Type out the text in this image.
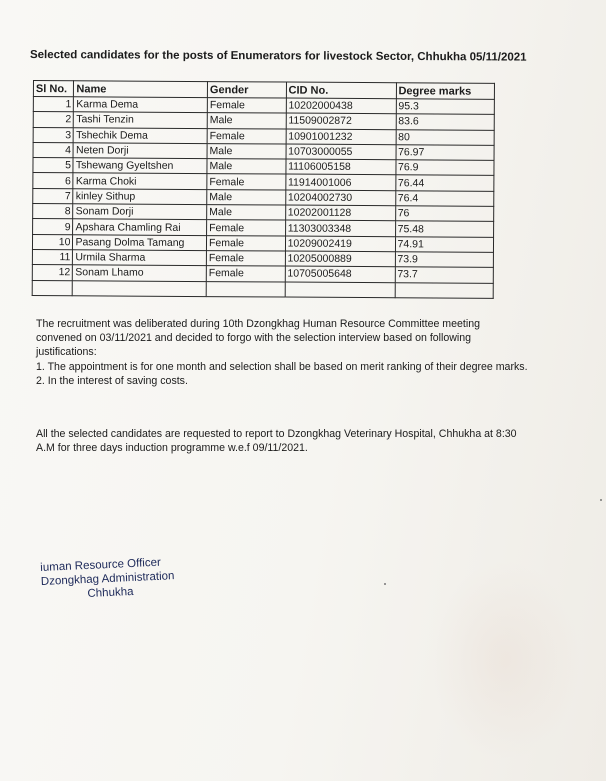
Selected candidates for the posts of Enumerators for livestock Sector, Chhukha 05/11/2021
Sl No.	Name	Gender	CID No.	Degree marks
1	Karma Dema	Female	10202000438	95.3
2	Tashi Tenzin	Male	11509002872	83.6
3	Tshechik Dema	Female	10901001232	80
4	Neten Dorji	Male	10703000055	76.97
5	Tshewang Gyeltshen	Male	11106005158	76.9
6	Karma Choki	Female	11914001006	76.44
7	kinley Sithup	Male	10204002730	76.4
8	Sonam Dorji	Male	10202001128	76
9	Apshara Chamling Rai	Female	11303003348	75.48
10	Pasang Dolma Tamang	Female	10209002419	74.91
11	Urmila Sharma	Female	10205000889	73.9
12	Sonam Lhamo	Female	10705005648	73.7

The recruitment was deliberated during 10th Dzongkhag Human Resource Committee meeting
convened on 03/11/2021 and decided to forgo with the selection interview based on following
justifications:
1. The appointment is for one month and selection shall be based on merit ranking of their degree marks.
2. In the interest of saving costs.
All the selected candidates are requested to report to Dzongkhag Veterinary Hospital, Chhukha at 8:30
A.M for three days induction programme w.e.f 09/11/2021.
iuman Resource Officer
Dzongkhag Administration
Chhukha
